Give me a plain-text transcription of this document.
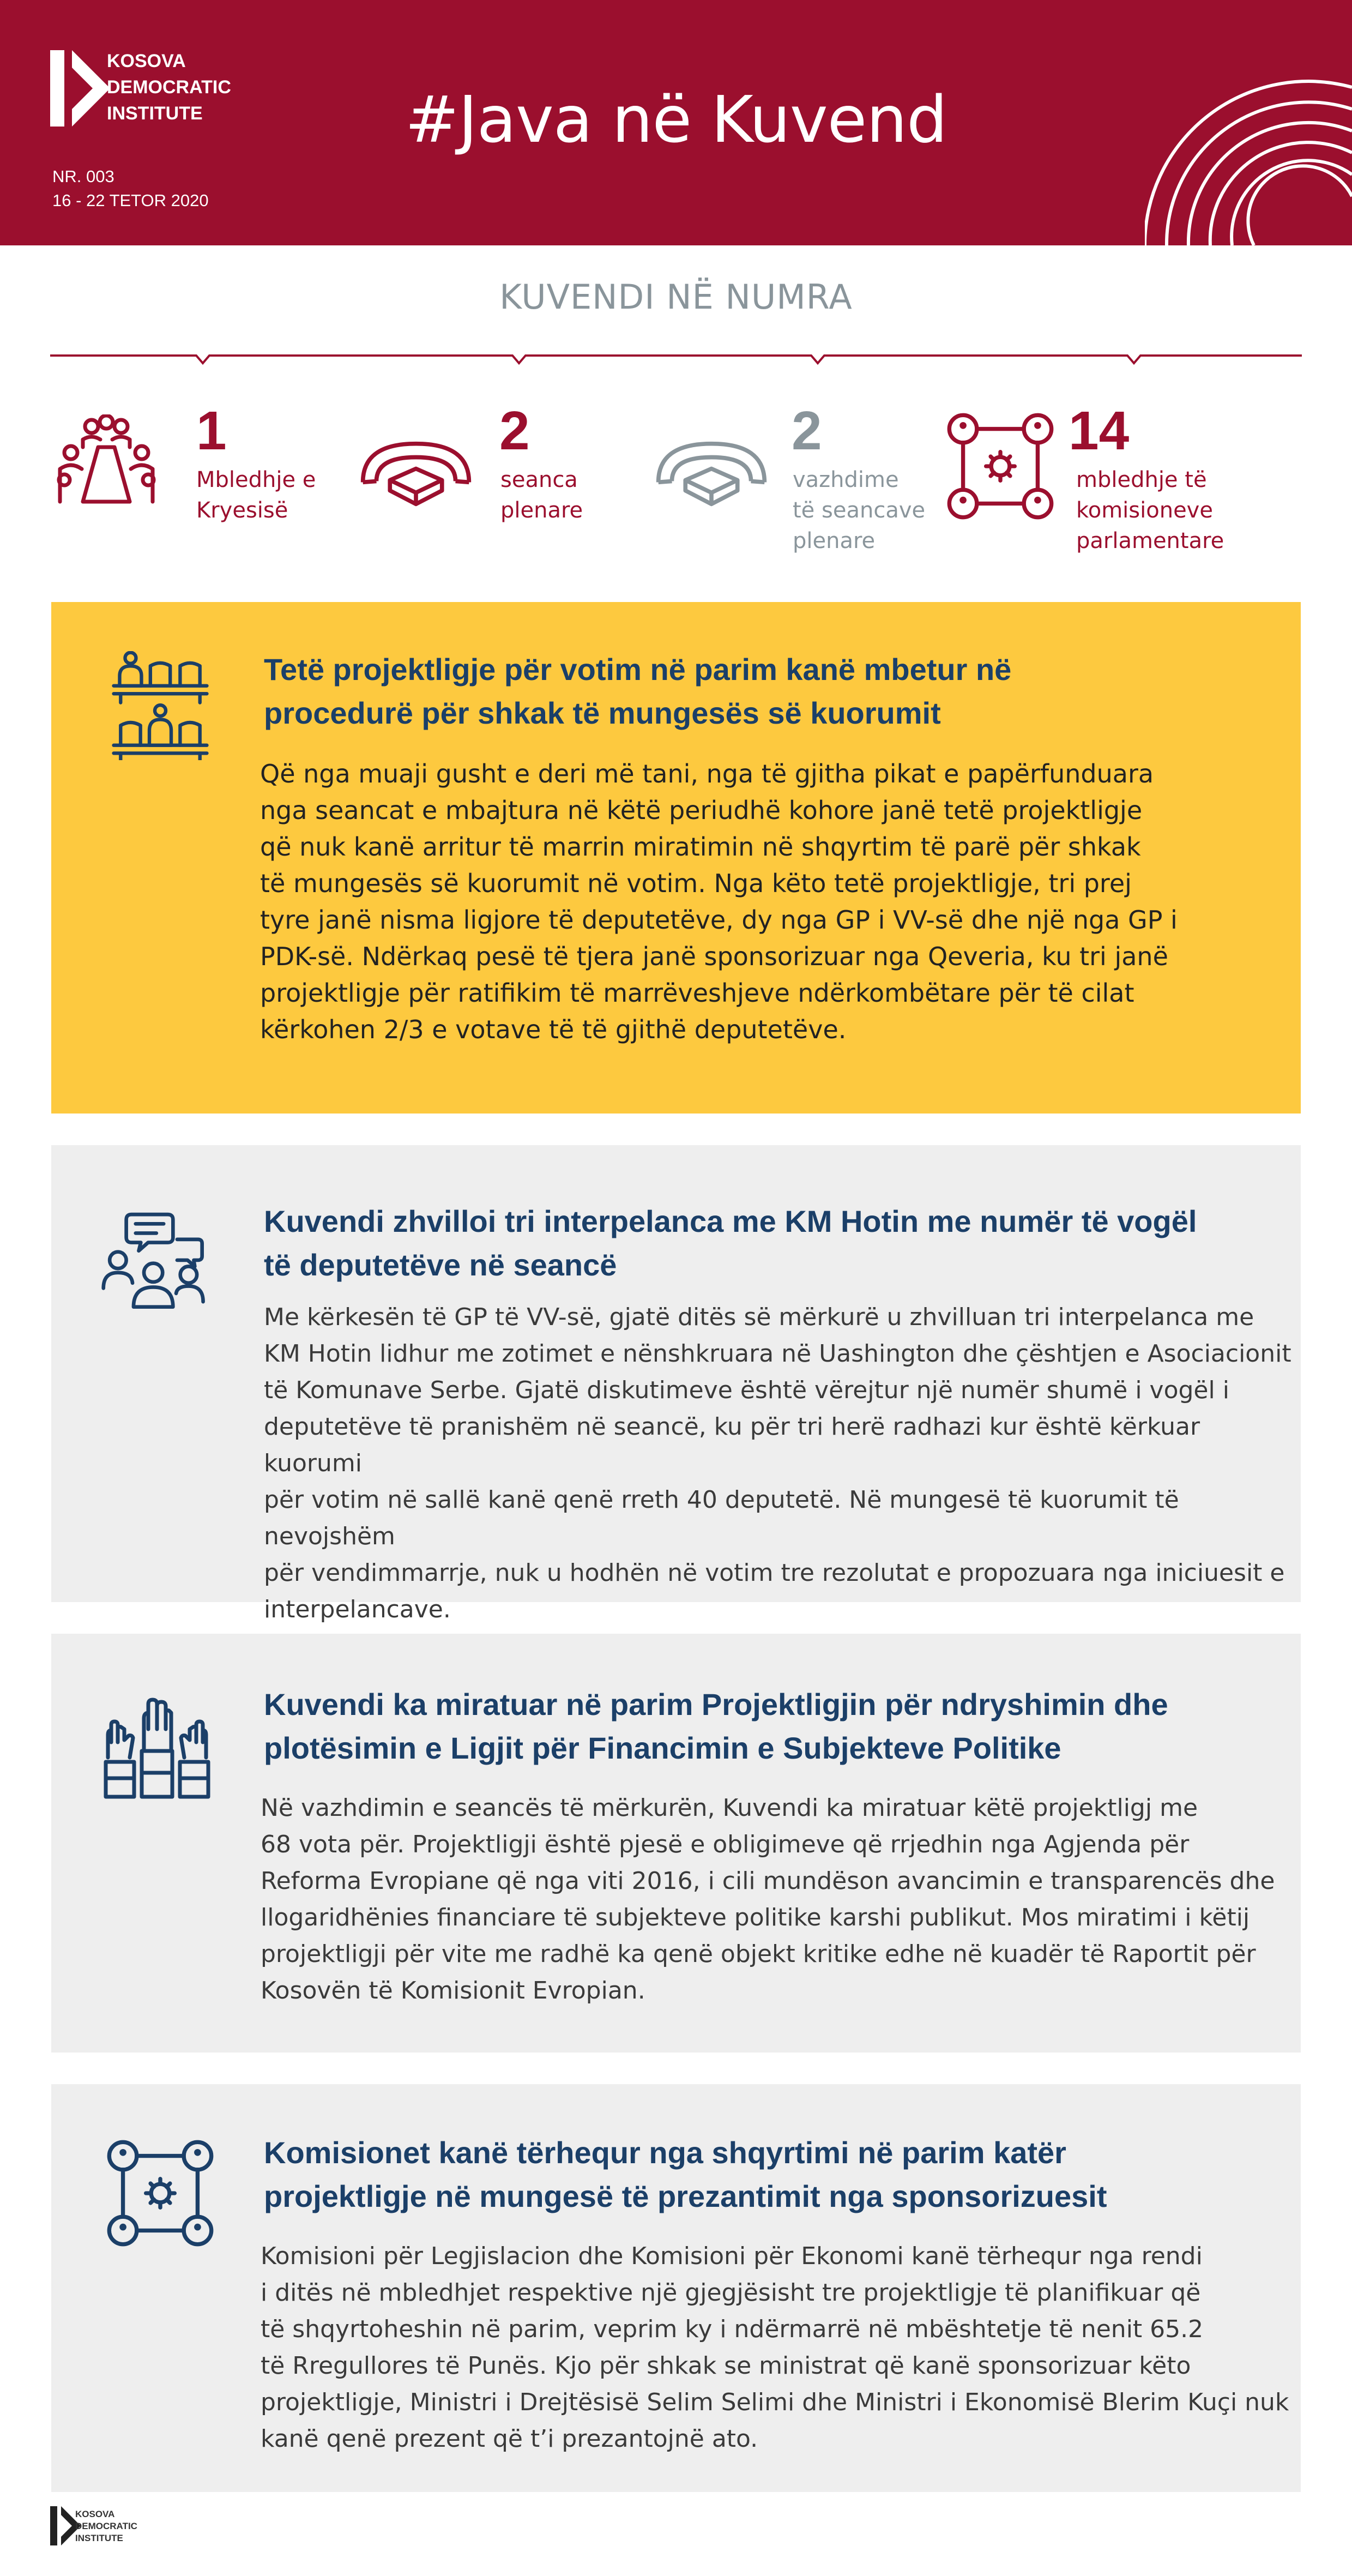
KOSOVA
DEMOCRATIC
INSTITUTE	#Java në Kuvend
NR. 003
16 - 22 TETOR 2020
KUVENDI NË NUMRA
1
Mbledhje e
Kryesisë
2
seanca
plenare
2
vazhdime
të seancave
plenare
14
mbledhje të
komisioneve
parlamentare
Tetë projektligje për votim në parim kanë mbetur në
procedurë për shkak të mungesës së kuorumit
Që nga muaji gusht e deri më tani, nga të gjitha pikat e papërfunduara
nga seancat e mbajtura në këtë periudhë kohore janë tetë projektligje
që nuk kanë arritur të marrin miratimin në shqyrtim të parë për shkak
të mungesës së kuorumit në votim. Nga këto tetë projektligje, tri prej
tyre janë nisma ligjore të deputetëve, dy nga GP i VV-së dhe një nga GP i
PDK-së. Ndërkaq pesë të tjera janë sponsorizuar nga Qeveria, ku tri janë
projektligje për ratifikim të marrëveshjeve ndërkombëtare për të cilat
kërkohen 2/3 e votave të të gjithë deputetëve.
Kuvendi zhvilloi tri interpelanca me KM Hotin me numër të vogël
të deputetëve në seancë
Me kërkesën të GP të VV-së, gjatë ditës së mërkurë u zhvilluan tri interpelanca me
KM Hotin lidhur me zotimet e nënshkruara në Uashington dhe çështjen e Asociacionit
të Komunave Serbe. Gjatë diskutimeve është vërejtur një numër shumë i vogël i
deputetëve të pranishëm në seancë, ku për tri herë radhazi kur është kërkuar kuorumi
për votim në sallë kanë qenë rreth 40 deputetë. Në mungesë të kuorumit të nevojshëm
për vendimmarrje, nuk u hodhën në votim tre rezolutat e propozuara nga iniciuesit e
interpelancave.
Kuvendi ka miratuar në parim Projektligjin për ndryshimin dhe
plotësimin e Ligjit për Financimin e Subjekteve Politike
Në vazhdimin e seancës të mërkurën, Kuvendi ka miratuar këtë projektligj me
68 vota për. Projektligji është pjesë e obligimeve që rrjedhin nga Agjenda për
Reforma Evropiane që nga viti 2016, i cili mundëson avancimin e transparencës dhe
llogaridhënies financiare të subjekteve politike karshi publikut. Mos miratimi i këtij
projektligji për vite me radhë ka qenë objekt kritike edhe në kuadër të Raportit për
Kosovën të Komisionit Evropian.
Komisionet kanë tërhequr nga shqyrtimi në parim katër
projektligje në mungesë të prezantimit nga sponsorizuesit
Komisioni për Legjislacion dhe Komisioni për Ekonomi kanë tërhequr nga rendi
i ditës në mbledhjet respektive një gjegjësisht tre projektligje të planifikuar që
të shqyrtoheshin në parim, veprim ky i ndërmarrë në mbështetje të nenit 65.2
të Rregullores të Punës. Kjo për shkak se ministrat që kanë sponsorizuar këto
projektligje, Ministri i Drejtësisë Selim Selimi dhe Ministri i Ekonomisë Blerim Kuçi nuk
kanë qenë prezent që t’i prezantojnë ato.
KOSOVA
DEMOCRATIC
INSTITUTE
